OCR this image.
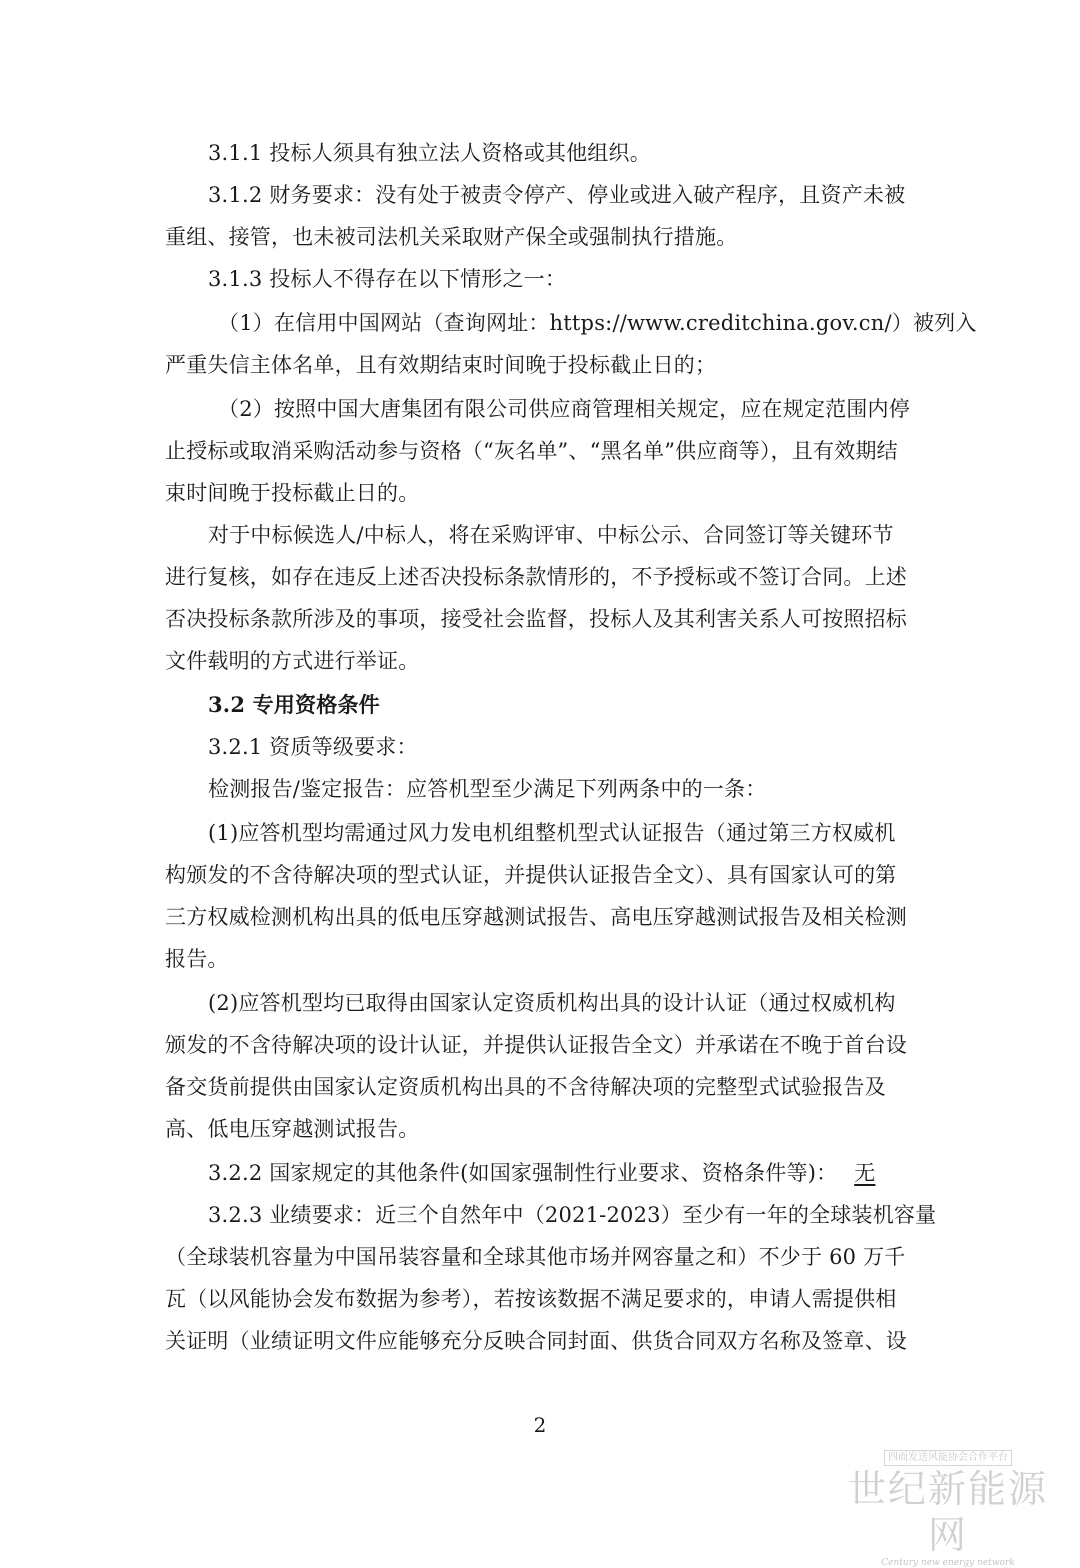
3.1.1 投标人须具有独立法人资格或其他组织。
3.1.2 财务要求：没有处于被责令停产、停业或进入破产程序，且资产未被
重组、接管，也未被司法机关采取财产保全或强制执行措施。
3.1.3 投标人不得存在以下情形之一：
（1）在信用中国网站（查询网址：https://www.creditchina.gov.cn/）被列入
严重失信主体名单，且有效期结束时间晚于投标截止日的；
（2）按照中国大唐集团有限公司供应商管理相关规定，应在规定范围内停
止授标或取消采购活动参与资格（“灰名单”、“黑名单”供应商等），且有效期结
束时间晚于投标截止日的。
对于中标候选人/中标人，将在采购评审、中标公示、合同签订等关键环节
进行复核，如存在违反上述否决投标条款情形的，不予授标或不签订合同。上述
否决投标条款所涉及的事项，接受社会监督，投标人及其利害关系人可按照招标
文件载明的方式进行举证。
3.2 专用资格条件
3.2.1 资质等级要求：
检测报告/鉴定报告：应答机型至少满足下列两条中的一条：
(1)应答机型均需通过风力发电机组整机型式认证报告（通过第三方权威机
构颁发的不含待解决项的型式认证，并提供认证报告全文）、具有国家认可的第
三方权威检测机构出具的低电压穿越测试报告、高电压穿越测试报告及相关检测
报告。
(2)应答机型均已取得由国家认定资质机构出具的设计认证（通过权威机构
颁发的不含待解决项的设计认证，并提供认证报告全文）并承诺在不晚于首台设
备交货前提供由国家认定资质机构出具的不含待解决项的完整型式试验报告及
高、低电压穿越测试报告。
3.2.2 国家规定的其他条件(如国家强制性行业要求、资格条件等)： 无
3.2.3 业绩要求：近三个自然年中（2021-2023）至少有一年的全球装机容量
（全球装机容量为中国吊装容量和全球其他市场并网容量之和）不少于 60 万千
瓦（以风能协会发布数据为参考），若按该数据不满足要求的，申请人需提供相
关证明（业绩证明文件应能够充分反映合同封面、供货合同双方名称及签章、设
2
四面发送风能协会合作平台
世纪新能源网
Century new energy network
